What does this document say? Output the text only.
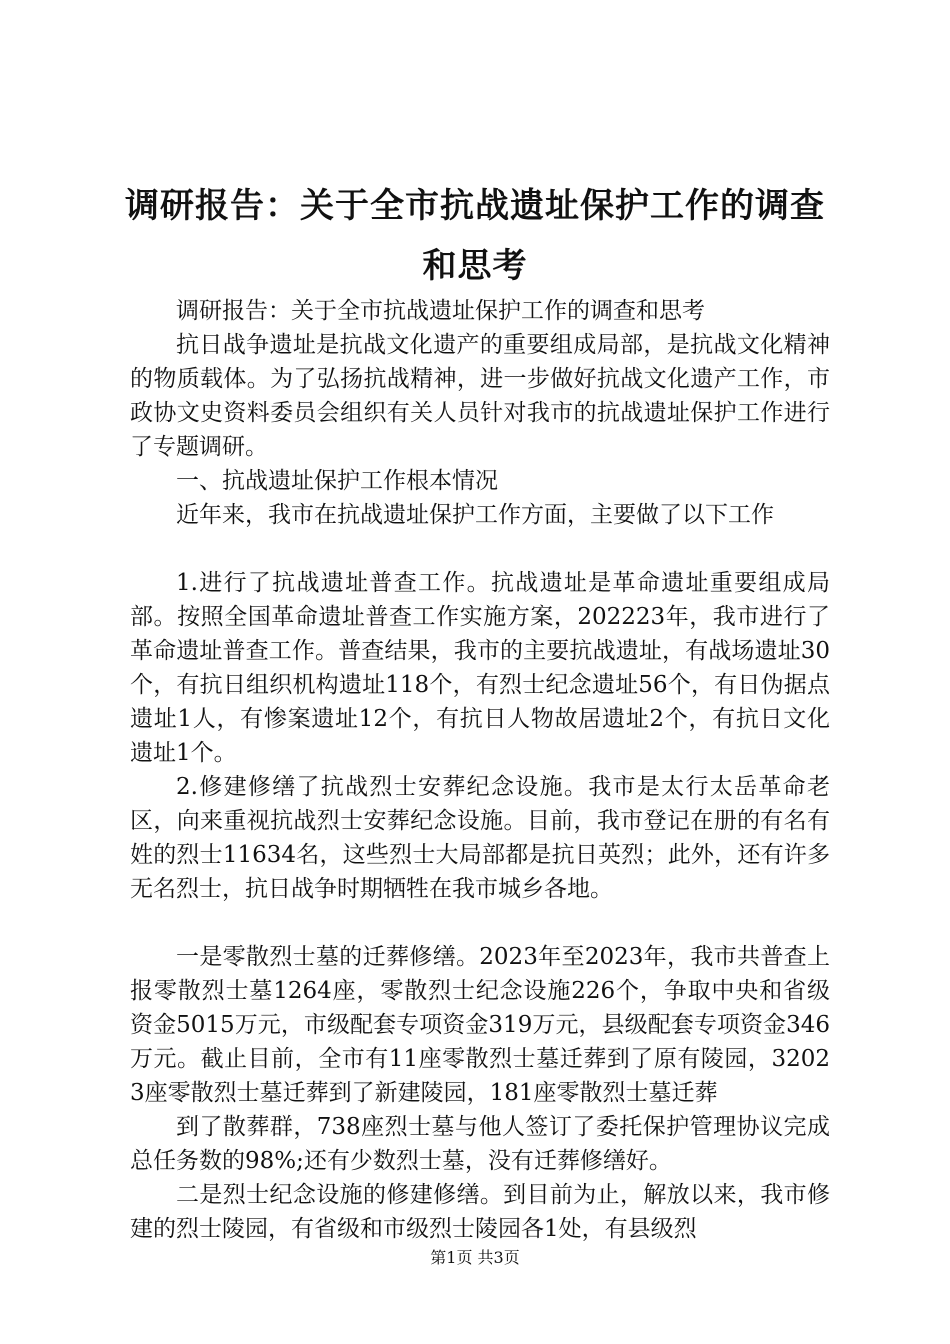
调研报告：关于全市抗战遗址保护工作的调查
和思考

调研报告：关于全市抗战遗址保护工作的调查和思考

抗日战争遗址是抗战文化遗产的重要组成局部，是抗战文化精神的物质载体。为了弘扬抗战精神，进一步做好抗战文化遗产工作，市政协文史资料委员会组织有关人员针对我市的抗战遗址保护工作进行了专题调研。

一、抗战遗址保护工作根本情况

近年来，我市在抗战遗址保护工作方面，主要做了以下工作

1.进行了抗战遗址普查工作。抗战遗址是革命遗址重要组成局部。按照全国革命遗址普查工作实施方案，202223年，我市进行了革命遗址普查工作。普查结果，我市的主要抗战遗址，有战场遗址30个，有抗日组织机构遗址118个，有烈士纪念遗址56个，有日伪据点遗址1人，有惨案遗址12个，有抗日人物故居遗址2个，有抗日文化遗址1个。

2.修建修缮了抗战烈士安葬纪念设施。我市是太行太岳革命老区，向来重视抗战烈士安葬纪念设施。目前，我市登记在册的有名有姓的烈士11634名，这些烈士大局部都是抗日英烈；此外，还有许多无名烈士，抗日战争时期牺牲在我市城乡各地。

一是零散烈士墓的迁葬修缮。2023年至2023年，我市共普查上报零散烈士墓1264座，零散烈士纪念设施226个，争取中央和省级资金5015万元，市级配套专项资金319万元，县级配套专项资金346万元。截止目前，全市有11座零散烈士墓迁葬到了原有陵园，32023座零散烈士墓迁葬到了新建陵园，181座零散烈士墓迁葬

到了散葬群，738座烈士墓与他人签订了委托保护管理协议完成总任务数的98%;还有少数烈士墓，没有迁葬修缮好。

二是烈士纪念设施的修建修缮。到目前为止，解放以来，我市修建的烈士陵园，有省级和市级烈士陵园各1处，有县级烈

第1页 共3页
